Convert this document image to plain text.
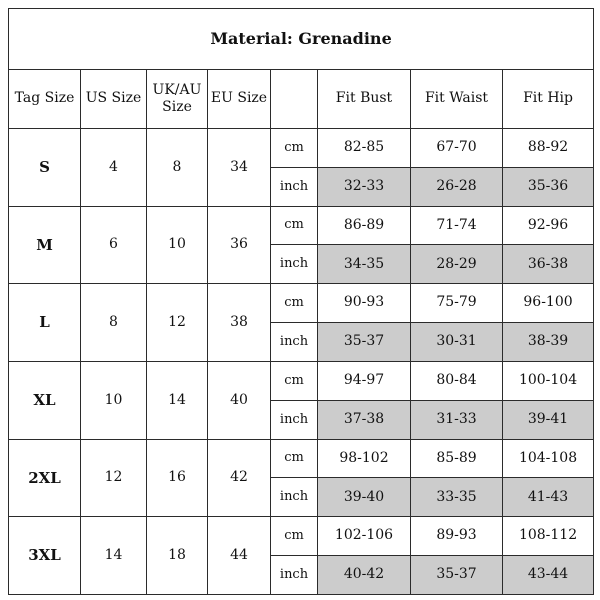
Material: Grenadine							
Tag Size	US Size	UK/AU Size	EU Size		Fit Bust	Fit Waist	Fit Hip
S	4	8	34	cm	82-85	67-70	88-92
				inch	32-33	26-28	35-36
M	6	10	36	cm	86-89	71-74	92-96
				inch	34-35	28-29	36-38
L	8	12	38	cm	90-93	75-79	96-100
				inch	35-37	30-31	38-39
XL	10	14	40	cm	94-97	80-84	100-104
				inch	37-38	31-33	39-41
2XL	12	16	42	cm	98-102	85-89	104-108
				inch	39-40	33-35	41-43
3XL	14	18	44	cm	102-106	89-93	108-112
				inch	40-42	35-37	43-44
